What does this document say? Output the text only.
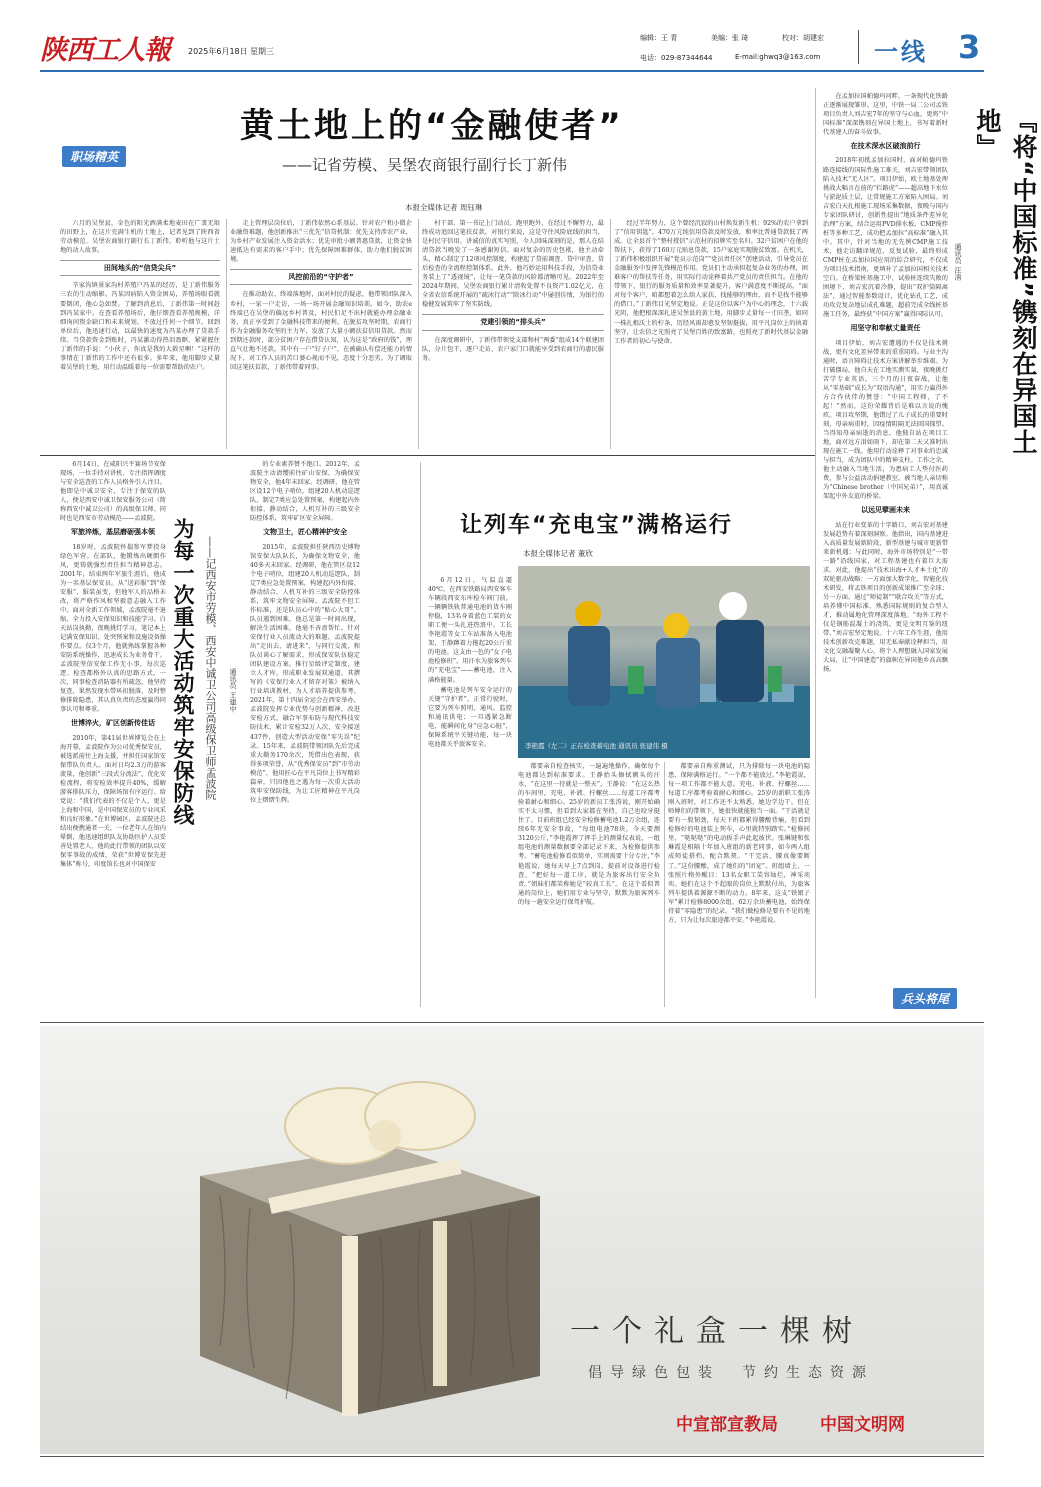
陕西工人報 2025年6月18日 星期三
编辑：王 青	美编：张 琦	校对：胡建宏
电话：029-87344644	E-mail:ghwq3@163.com 一线 3
职场精英
黄土地上的“金融使者”
——记省劳模、吴堡农商银行副行长丁新伟
本报全媒体记者 周钰琳

六月的吴堡县，金色的阳光洒满柔地麦田在广袤无垠的田野上，在这片充满生机的土地上，记者见到了陕西省劳动模范、吴堡农商银行副行长丁新伟，聆听他与这片土地的动人故事。

田间地头的“信贷尖兵”

辛家沟镇景家沟村养殖户冯某的经历，是丁新伟服务三农的生动缩影。冯某因病陷入资金困局，养殖场眼看就要倒闭，他心急如焚。了解到消息后，丁新伟第一时间赶到冯某家中。在查看养殖场后，他仔细查看养殖规模，详细询问资金缺口和未来规划，不放过任何一个细节。回到单位后，他迅速行动，以最快的速度为冯某办理了贷款手续。当贷款资金到账时，冯某激动得热泪盈眶，紧紧握住丁新伟的手说：“小伙子，你真是我的大救星啊！”这样的事情在丁新伟的工作中还有很多。多年来，他用脚步丈量着吴堡的土地，用行动温暖着每一位需要帮助的农户。

走上管理层岗位后，丁新伟依然心系基层。针对农户和小微企业融资难题，他创新推出“三优先”信贷机制：优先支持涉农产业，为乡村产业发展注入资金活水；优先审批小额普惠贷款，让资金快速抵达有需求的客户手中；优先保障困难群体，助力他们脱贫困境。

风控前沿的“守护者”

在推动助农、终端落地时，面对村民的疑虑，他带领团队深入乡村，一家一户走访，一场一场开展金融知识培训。如今，助农e终端已在吴堡的偏远乡村普及，村民们足不出村就能办理金融业务，真正享受到了金融科技带来的便利。在脱贫攻坚时期，农商行作为金融服务攻坚的主力军，发放了大量小额扶贫信用贷款。然而到期还款时，部分贫困户存在借贷认知，认为这是“政府的钱”，理直气壮地不还款。其中有一户“钉子户”，在被确认有偿还能力的情况下，对工作人员的苦口婆心视而不见，态度十分恶劣。为了调取回这笔扶贫款，丁新伟带着同事。

村干部、第一书记上门动员，跑里跑外，在经过不懈努力，最终成功追回这笔扶贫款。对银行来说，这是守住风险底线的担当，是村民守信用、讲诚信的真实写照，今人回味深刻的是，那人在结清贷款当晚发了一条感谢短信。面对复杂的历史包袱，他主动牵头，精心制定了12项风控制度，构建起了贷前调查、贷中审查、贷后检查的全流程控制体系。此外，他巧妙运用科技手段，为信贷业务装上了“透视镜”，让每一笔贷款的风险都清晰可见。2022年至2024年期间，吴堡农商银行累计清收处置不良资产1.02亿元，在全省农信系统开展的“疏冰行动”“除冰行动”中屡创佳绩，为银行的稳健发展筑牢了坚实防线。

党建引领的“排头兵”

在深度调研中，丁新伟带领党支部和村“两委”组成14个联建团队，分片包干，逐户走访，农户家门口就能享受到农商行的惠民服务。

经过半年努力，这个曾经沉寂的山村焕发新生机：92%的农户拿到了“信用钥匙”，470万元纯信用贷款及时发放，和率比普通贷款低了两成。让全县首个“整村授信”示范村的招牌实至名归。32户贫困户在他的帮扶下，获得了160万元贴息贷款，15户家庭实现脱贫致富。在机关，丁新伟积极组织开展“党员示范岗”“党员责任区”创建活动，引导党员在金融服务中发挥先锋模范作用。党员们主动承担起复杂业务的办理，困难客户的帮扶等任务，用实际行动诠释着共产党员的责任担当。在他的带领下，银行的服务质量和效率显著提升，客户满意度不断提高。“面对每个客户，咱都想着怎么给人家扶，找能够的理由，而不是找不能够的借口。”丁新伟目光坚定地说。正是这份以客户为中心的理念，十六载光阴，他把根深深扎进吴堡县的黄土地，用脚步丈量每一寸田垄，如同一株扎根沃土的柠条，历经风雨却愈发坚韧挺拔，用平凡岗位上的执着坚守，让农信之光照亮了吴堡百姓的致富路，也照亮了新时代基层金融工作者的初心与使命。

6月14日，在咸阳兴平赛场节安保现场，一位手持对讲机、专注指挥调度与安全巡查的工作人员格外引人注目。他即是中诚卫安全，专注于保安的队人，便是西安中诚卫保安服务公司（简称西安中诚卫公司）的高级保卫师、同时也是西安市劳动模范——孟波院。

军旅淬炼，基层磨砺强本领

18岁时，孟波院怀揣参军梦投身绿色军营。在部队，他锻炼出硬朗作风，更铸就强烈责任担当精神意志。2001年，结束两年军旅生涯后，他成为一名基层保安员。从“送彩服”到“保安服”，服装虽变，但他军人的品格未改，将严格作风和坚毅意志融入工作中。面对全新工作领域，孟波院毫不退缩，全力投入安保知识和技能学习。白天站岗执勤，夜晚挑灯学习，笔记本上记满安保知识、处突预案和设施设备操作要点。仅3个月，他就熟练掌握各种安防系统操作，迅速成长为业务骨干。孟波院坚信安保工作无小事，每次巡逻、检查都格外认真的思路方式，一次，同事检查消防器有所疏忽，他坚持复查，果然发现水带环扣脱落，及时整修排除隐患，其认真负责的态度赢得同事认可和尊重。

世博淬火，矿区创新传佳话

2010年，第41届世界博览会在上海开幕，孟波院作为公司优秀保安员，被选派前往上海支援，并担任国家馆安保带队负责人。面对日均2.3万的游客流量，他创新“三段式分流法”，优化安检流程，将安检效率提升40%，缓解游客排队压力，保障场馆有序运行。给党说：“我们代表的不仅是个人，更是上海和中国，是中国保安员的专业风采和良好形象。”在世博园区，孟波院还总结出便携通者一关，一位老年人在馆内晕倒，他迅速组织队友协助医护人员妥善处置老人，他的此行带领的团队以安保零事故的成绩，荣获“世博安保先进集体”称号，印度馆长也对中国保安

为每一次重大活动筑牢安保防线 ——记西安市劳模、西安中诚卫公司高级保卫师孟波院 通讯员 王建中

的专业素养赞不绝口。2012年，孟波院主动请缨前往矿山安保、为确保安物安全，他4年未回家。经调研，他在管区设12个电子哨位，组建20人机动巡逻队，制定7类应急处置预案，构建起内外衔接、静动结合，人机互补的三级安全防控体系，筑牢矿区安全屏障。

文物卫士，匠心精神护安全

2015年，孟波院担任陕西历史博物馆安保大队队长，为确保文物安全，他40多天未回家。经调研，他在管区设12个电子哨位，组建20人机动巡逻队，制定7类应急处置预案，构建起内外衔接、静动结合，人机互补的三级安全防控体系，筑牢文物安全屏障。孟波院不但工作标准，还是队员心中的“贴心大哥”。队员遇到困难，他总是第一时间出现，解决生活困难，他毫不吝啬帮忙。针对安保行业人员流动大的难题，孟波院提出“走出去、请进来”，与同行交流，和队员谈心了解需求，形成保安队伍稳定团队建设方案。推行星级评定制度，建立人才库，形成职业发展双通道。其撰写的《安保行业人才留存对策》被纳入行业培训教材，为人才培养提供参考。2021年，第十四届全运会在西安举办，孟波院发挥专业优势与创新精神，改进安检方式，融合军事布防与现代科技安防技术，累计安检32万人次，安全接送437件，创造大型活动安保“零失误”纪录。15年来，孟波院带领团队先后完成重大勤务170余次，凭借出色表现，获得多项荣誉，从“优秀保安员”到“市劳动模范”，他用匠心在平凡岗位上书写精彩篇章，只因他也之遇为每一次重大活动筑牢安保防线，为让工匠精神在平凡岗位上熠熠生辉。

让列车“充电宝”满格运行
本报全媒体记者 董欣

6月12日，气温直逼40℃，在西安铁路局西安客车车辆段西安东库检车间门前，一辆辆铁轨普通电池的货车刚停稳，13名身着蓝色工装的女职工便一头扎进热浪中。工长李艳霞等女工车站准备入电池架，王静蹲着力拖起20公斤重的电池。这支由一色的“女子电池检修班”，用汗水为旅客列车的“充电宝”——蓄电池，注入满格能量。

蓄电池是列车安全运行的关键“守护者”，正常行驶时，它要为列车照明、通风、监控和通讯供电；一旦遇紧急断电，能瞬间化身“应急心脏”，保障系统平关键功能，每一块电池都关乎旅客安全。	李艳霞（左二）正在检查蓄电池 通讯员 张建伟 摄

都要亲自检查核实，一遍遍地操作，确保每个电池都达到标准要求。王静抬头擦拭额头的汗水，“在这里一待就是一整天”，王静说：“在这么热的车间里，充电、补液、拧螺丝……每道工序都考验着耐心和细心。25岁的新员工张涛说，刚开始确实不太习惯，但看到大家都在坚持，自己也咬牙挺住了。目前班组已经安全检修蓄电池1.2万余组，连续6年无安全事故，“每组电池78块，今天要测3120公斤，”李艳霞挥了挥手上的测量仪表说，一组组电池的测量数据要全部记录下来，为检修提供参考。“蓄电池检修看似简单，实则需要十分专注，”李艳霞说，她每天早上7点到岗，提前对设备进行检查，“把好每一道工序，就是为旅客出行安全负责。”姐妹们都笑称她是“较真工长”。在这个看似普通的岗位上，她们用专业与坚守，默默为旅客列车的每一趟安全运行保驾护航。

都要亲自称重测试，只为排除每一块电池的隐患，保障满格运行。“一个都不能放过。”李艳霞说，每一项工作都不能大意。充电、补液、拧螺丝……每道工序都考验着耐心和细心。25岁的新职工张涛刚入班时，对工作还不太熟悉，她边学边干。但在师傅们的带领下，她很快就能独当一面。“干活就是要有一股韧劲，每天下班都累得腰酸背痛，但看到检修好的电池装上列车，心里就特别踏实。”检修间里，“哒哒哒”的电动扳手声此起彼伏。张琳键和张琳霞是相隔十年加入班组的新老同事，如今两人组成师徒搭档，配合默契。“干完活，腰真像要断了。”这份腰酸，成了她们的“团宠”。班组墙上，一张照片格外醒目：13名女职工笑容灿烂，神采奕奕。她们在这个不起眼的岗位上默默付出，为旅客列车提供着源源不断的动力。8年来，这支“铁娘子军”累计检修8000余组、62万余块蓄电池，始终保持着“零隐患”的纪录。“我们做检修是要有不见的地方，只为让每次旅途都平安。”李艳霞说。

在孟加拉国帕德玛河畔，一条现代化铁路正逐渐展现雏形。这里，中铁一局二公司孟铁项目负责人刘吉宏7年的坚守与心血，更将“中国标准”深深镌刻在异国土地上，书写着新时代基建人的奋斗故事。

在技术深水区破浪前行

2018年初抵孟加拉国时，面对帕德玛铁路连接线的国际性施工难关，刘吉宏带领团队陷入技术“无人区”。项目伊始，欧土地基处理挑战大幅言在前的“拦路虎”——超高地下水位与淤泥质土层，让常规施工方案陷入困局。刘吉宏白天扎根施工现场采集数据，夜晚与国内专家团队研讨，创新性提出“地质条件差异化治理”方案，结合运用PVD排水板、CMP搅拌桩等多种工艺，成功把孟加拉“高标准”融入其中。其中，针对当地的无先例CMP施工技术，他走访翻译规范、反复试验，最终形成CMP桩在孟加拉国应用的综合研究，不仅成为项目技术指南，更填补了孟加拉国相关技术空白。在桥梁桩基施工中，试验桩连续失败的困境下，刘吉宏沉着冷静，提出“双护筒隔离法”，通过智能参数设计，优化钻孔工艺，成功攻克复杂地层成孔难题，超前完成全线桩基施工任务，最终获“中国方案”赢得国际认可。

用坚守和奉献丈量责任

项目伊始，刘吉宏遭遇的不仅是技术挑战，更有文化差异带来的重重阻碍。与业主沟通时，语言障碍让技术方案讲解举步维艰。为打破僵局，他自天在工地实测实量，夜晚挑灯苦学专业英语，三个月的日夜奋战，让他从“零基础”成长为“双语沟通”，用实力赢得外方合作伙伴的赞誉：“中国工程师，了不起！”然而，这份荣耀背后是难以言说的愧疚。项目攻坚期，他错过了儿子成长的重要时刻，母亲病重时，因疫情阻隔无法回国探望。当得知母亲病逝的消息，他独自站在项目工地，面对远方泪如雨下，却在第二天又准时出现在施工一线。他用行动诠释了对事业的忠诚与担当，成为团队中的精神支柱。工作之余，他主动融入当地生活，为患病工人垫付医药费，参与公益活动捐建教室，被当地人亲切称为“Chinese brother（中国兄弟）”，用真诚架起中外友谊的桥梁。

以远见擘画未来

站在行业变革的十字路口，刘吉宏对基建发展趋势有着深刻洞察。他指出，国内基建进入高质量发展新阶段，新型基建与城市更新带来新机遇；与此同时，海外市场特别是“一带一路”沿线国家，对工程基建也有着巨大需求。对此，他提出“技术出海+人才本土化”的双轮驱动战略：一方面加大数字化、智能化技术研发，将孟铁项目的创新成果推广至全球；另一方面，通过“师徒制”“联合攻关”等方式，培养懂中国标准、熟悉国际规则的复合型人才，推动属地化管理深度落地。“海外工程不仅是钢筋混凝土的浇筑，更是文明互鉴的纽带。”刘吉宏坚定地说。十六年工作生涯，他用技术创新攻克难题，用无私奉献诠释担当，用文化交融凝聚人心，将个人理想融入国家发展大局，让“中国建造”的旗帜在异国他乡高高飘扬。

通讯员 汪清	『将“中国标准”镌刻在异国土地』
兵头将尾
一个礼盒一棵树
倡导绿色包装　节约生态资源
中宣部宣教局 中国文明网
